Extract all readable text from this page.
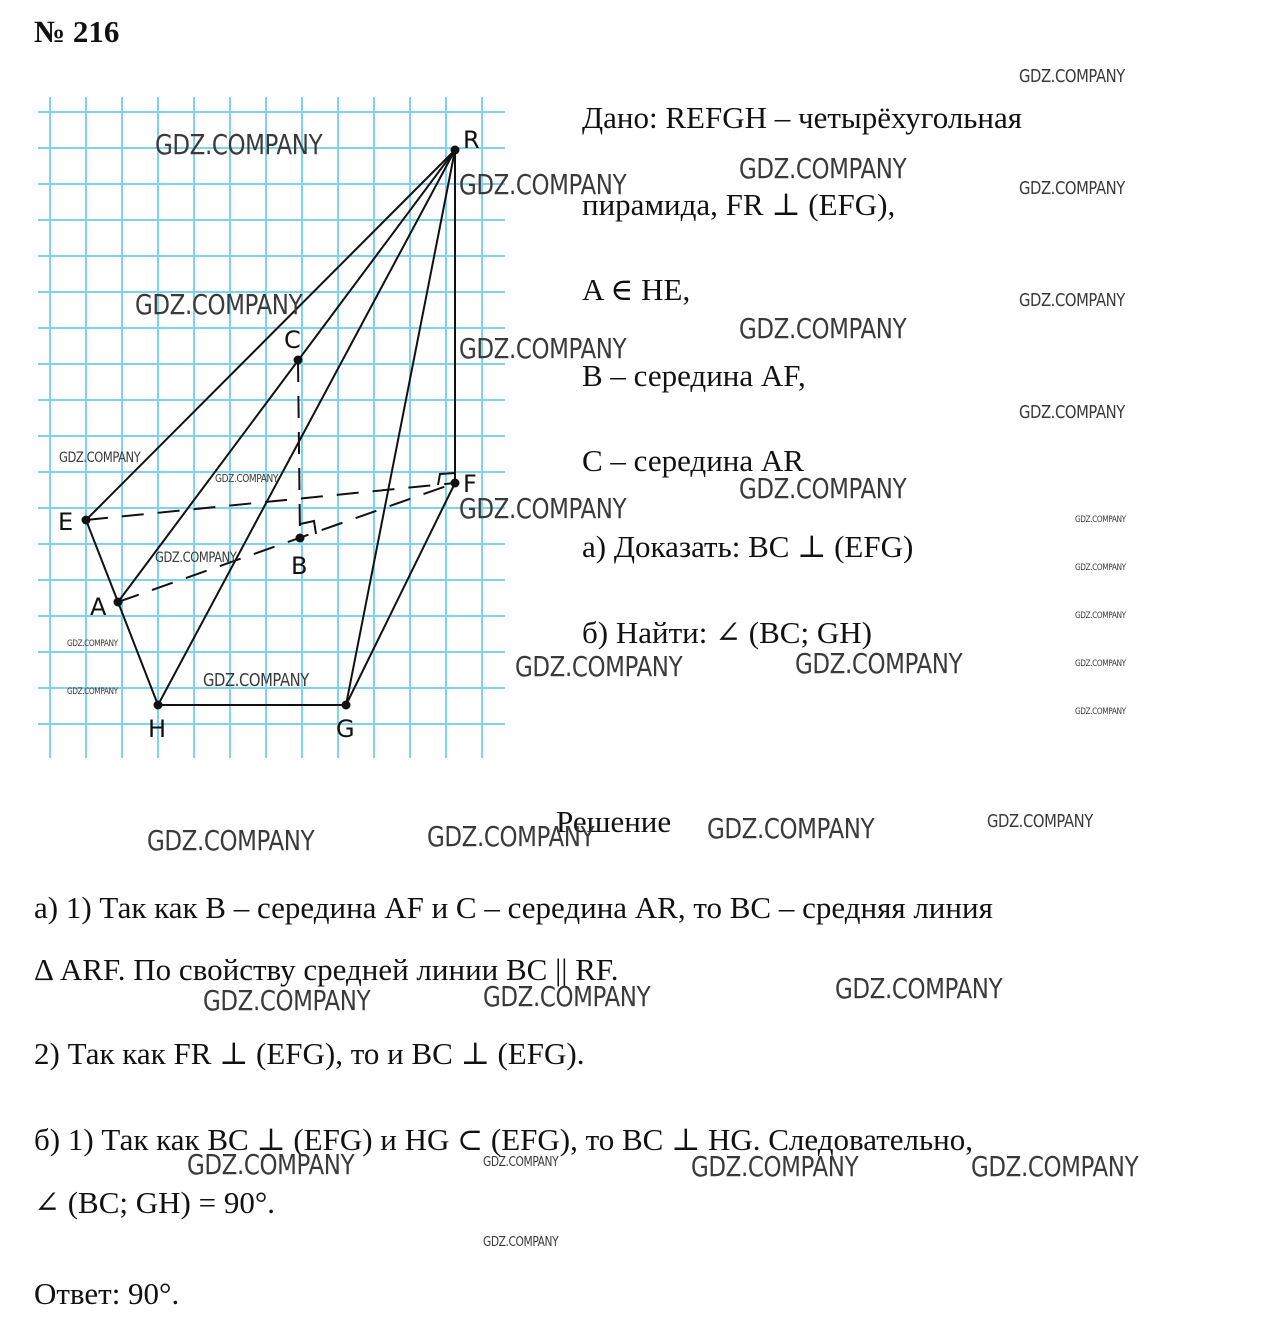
№ 216
R
C
E
F
B
A
H	G
Дано: REFGH – четырёхугольная
пирамида, FR ⊥ (EFG),
A ∈ HE,
B – середина AF,
C – середина AR
а) Доказать: BC ⊥ (EFG)
б) Найти: ∠ (BC; GH)
Решение
а) 1) Так как B – середина AF и C – середина AR, то BC – средняя линия
Δ ARF. По свойству средней линии BC || RF.
2) Так как FR ⊥ (EFG), то и BC ⊥ (EFG).
б) 1) Так как BC ⊥ (EFG) и HG ⊂ (EFG), то BC ⊥ HG. Следовательно,
∠ (BC; GH) = 90°.
Ответ: 90°.
GDZ.COMPANY
GDZ.COMPANY
GDZ.COMPANY
GDZ.COMPANY	GDZ.COMPANY
GDZ.COMPANY	GDZ.COMPANY
GDZ.COMPANY
GDZ.COMPANY
GDZ.COMPANY
GDZ.COMPANY
GDZ.COMPANY	GDZ.COMPANY
GDZ.COMPANY	GDZ.COMPANY
GDZ.COMPANY
GDZ.COMPANY
GDZ.COMPANY
GDZ.COMPANY
GDZ.COMPANY	GDZ.COMPANY	GDZ.COMPANY
GDZ.COMPANY
GDZ.COMPANY
GDZ.COMPANY
GDZ.COMPANY
GDZ.COMPANY
GDZ.COMPANY
GDZ.COMPANY
GDZ.COMPANY
GDZ.COMPANY
GDZ.COMPANY
GDZ.COMPANY	GDZ.COMPANY	GDZ.COMPANY	GDZ.COMPANY
GDZ.COMPANY
